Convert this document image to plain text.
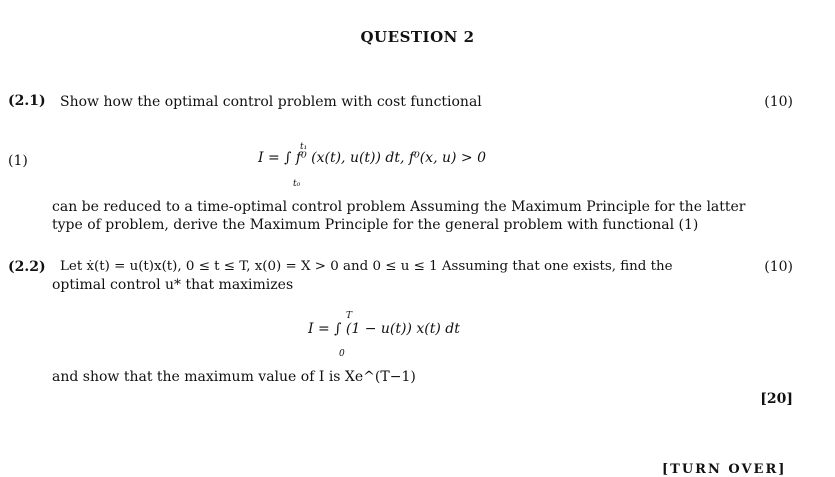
QUESTION 2
(2.1) Show how the optimal control problem with cost functional	(10)
(1)	I = ∫ f⁰ (x(t), u(t)) dt, f⁰(x, u) > 0
t₁
t₀
can be reduced to a time-optimal control problem Assuming the Maximum Principle for the latter
type of problem, derive the Maximum Principle for the general problem with functional (1)
(2.2) Let ẋ(t) = u(t)x(t), 0 ≤ t ≤ T, x(0) = X > 0 and 0 ≤ u ≤ 1 Assuming that one exists, find the	(10)
optimal control u* that maximizes
I = ∫ (1 − u(t)) x(t) dt
T
0
and show that the maximum value of I is Xe^(T−1)
[20]
[TURN OVER]
